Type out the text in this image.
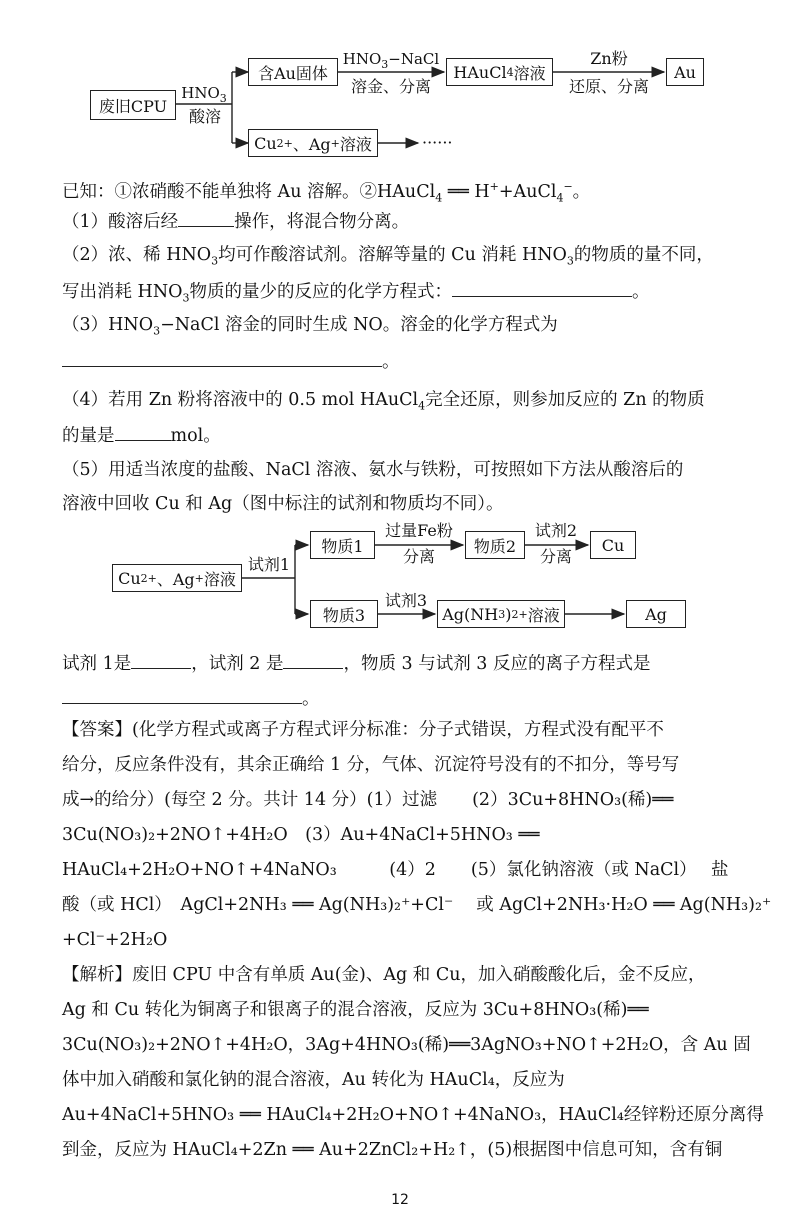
废旧CPU
$HNO_3$
酸溶
含Au固体
$HNO_3-NaCl$
溶金、分离
HAuCl 4 溶液
Zn粉
还原、分离
Au
Cu 2+ 、Ag + 溶液	······
已知：①浓硝酸不能单独将 Au 溶解。②HAuCl$_4$ ══ H++AuCl$_4$−。
（1）酸溶后经	操作，将混合物分离。
（2）浓、稀 $HNO_3$均可作酸溶试剂。溶解等量的 Cu 消耗 $HNO_3$的物质的量不同，
写出消耗 $HNO_3$物质的量少的反应的化学方程式：	。
$(3)HNO_3-NaCl$ 溶金的同时生成 NO。溶金的化学方程式为
。
（4）若用 Zn 粉将溶液中的 0.5 mol HAuCl$_4$完全还原，则参加反应的 Zn 的物质
的量是	mol。
（5）用适当浓度的盐酸、NaCl 溶液、氨水与铁粉，可按照如下方法从酸溶后的
溶液中回收 Cu 和 Ag（图中标注的试剂和物质均不同）。
Cu 2+ 、Ag + 溶液
试剂1
物质1
过量Fe粉
分离
物质2
试剂2
分离
Cu
物质3
试剂3
Ag(NH 3 ) 2 + 溶液	Ag
试剂 1是	，试剂 2 是	，物质 3 与试剂 3 反应的离子方程式是
。
【答案】(化学方程式或离子方程式评分标准：分子式错误，方程式没有配平不
给分，反应条件没有，其余正确给 1 分，气体、沉淀符号没有的不扣分，等号写
成→的给分）(每空 2 分。共计 14 分）(1）过滤　　(2）3Cu+8HNO₃(稀)══
3Cu(NO₃)₂+2NO↑+4H₂O　(3）Au+4NaCl+5HNO₃ ══
HAuCl₄+2H₂O+NO↑+4NaNO₃　　　(4）2　　(5）氯化钠溶液（或 NaCl）　 盐
酸（或 HCl）　AgCl+2NH₃ ══ Ag(NH₃)₂⁺+Cl⁻　 或 AgCl+2NH₃·H₂O ══ Ag(NH₃)₂⁺
+Cl⁻+2H₂O
【解析】废旧 CPU 中含有单质 Au(金)、Ag 和 Cu，加入硝酸酸化后，金不反应，
Ag 和 Cu 转化为铜离子和银离子的混合溶液，反应为 3Cu+8HNO₃(稀)══
3Cu(NO₃)₂+2NO↑+4H₂O，3Ag+4HNO₃(稀)══3AgNO₃+NO↑+2H₂O，含 Au 固
体中加入硝酸和氯化钠的混合溶液，Au 转化为 HAuCl₄，反应为
Au+4NaCl+5HNO₃ ══ HAuCl₄+2H₂O+NO↑+4NaNO₃，HAuCl₄经锌粉还原分离得
到金，反应为 HAuCl₄+2Zn ══ Au+2ZnCl₂+H₂↑，(5)根据图中信息可知，含有铜
12
